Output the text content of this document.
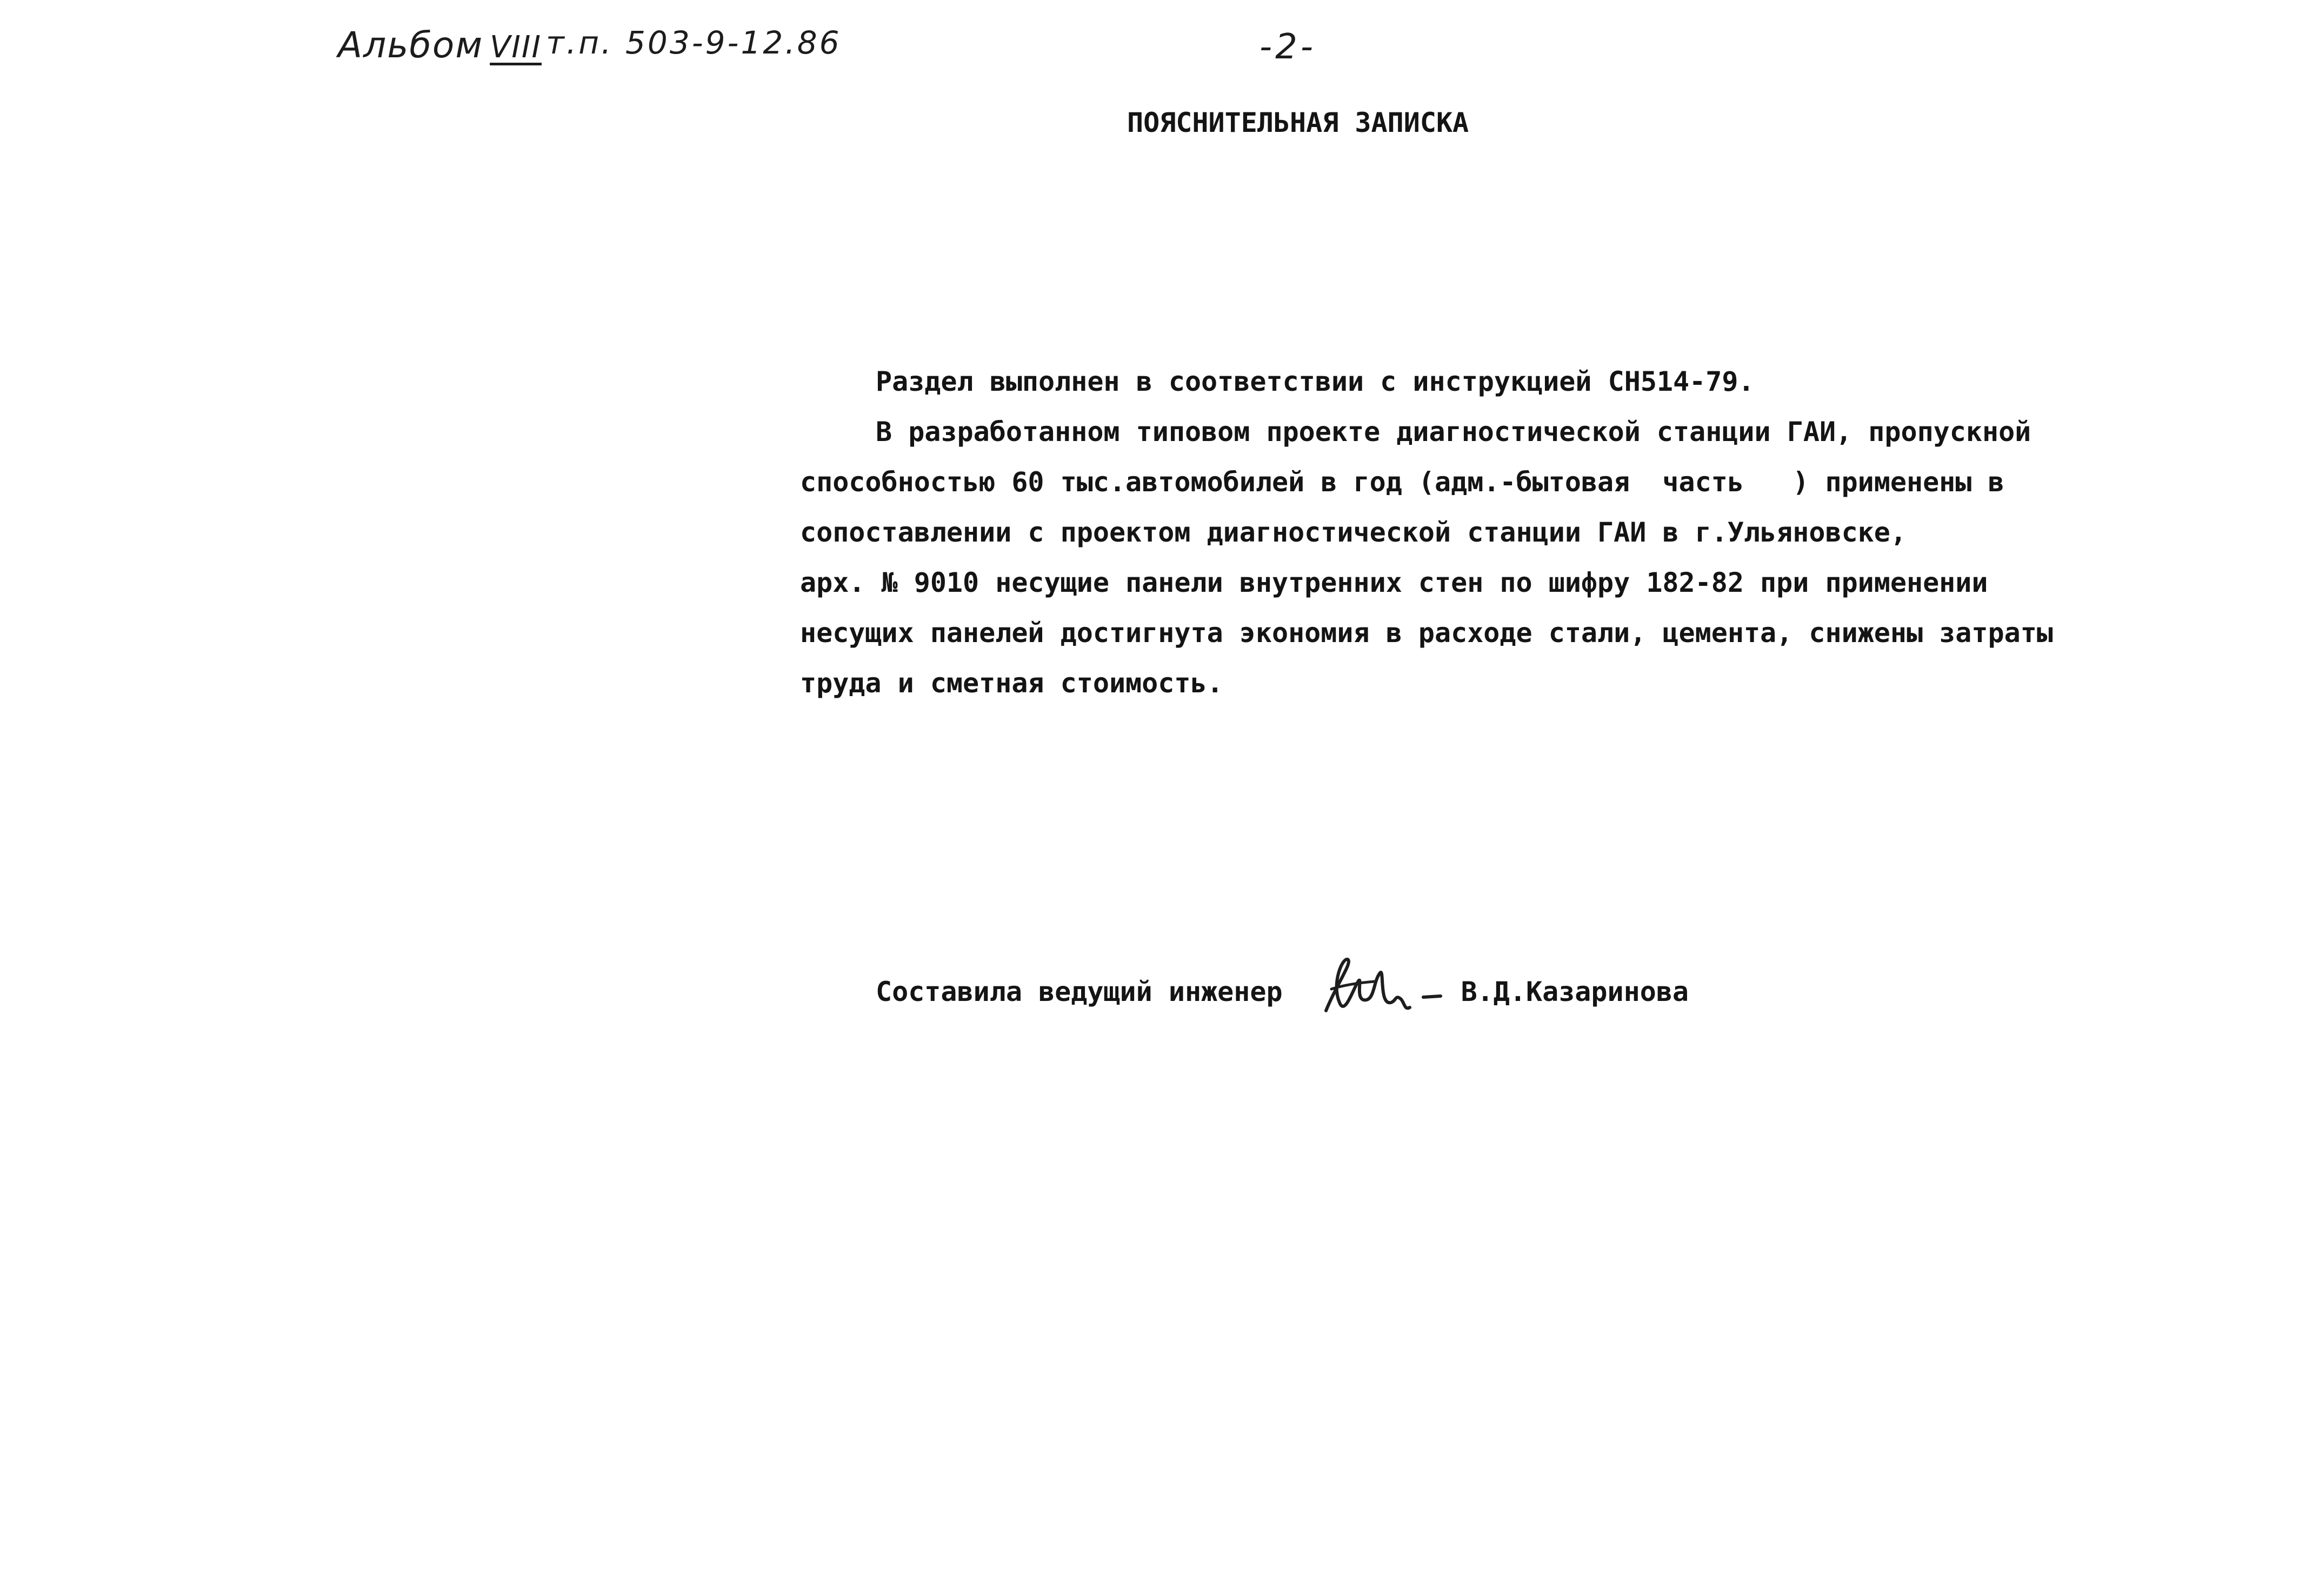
Альбом VIII т.п. 503-9-12.86	-2-
ПОЯСНИТЕЛЬНАЯ ЗАПИСКА
Раздел выполнен в соответствии с инструкцией СН514-79.
В разработанном типовом проекте диагностической станции ГАИ, пропускной
способностью 60 тыс.автомобилей в год (адм.-бытовая  часть   ) применены в
сопоставлении с проектом диагностической станции ГАИ в г.Ульяновске,
арх. № 9010 несущие панели внутренних стен по шифру 182-82 при применении
несущих панелей достигнута экономия в расходе стали, цемента, снижены затраты
труда и сметная стоимость.
Составила ведущий инженер	В.Д.Казаринова
